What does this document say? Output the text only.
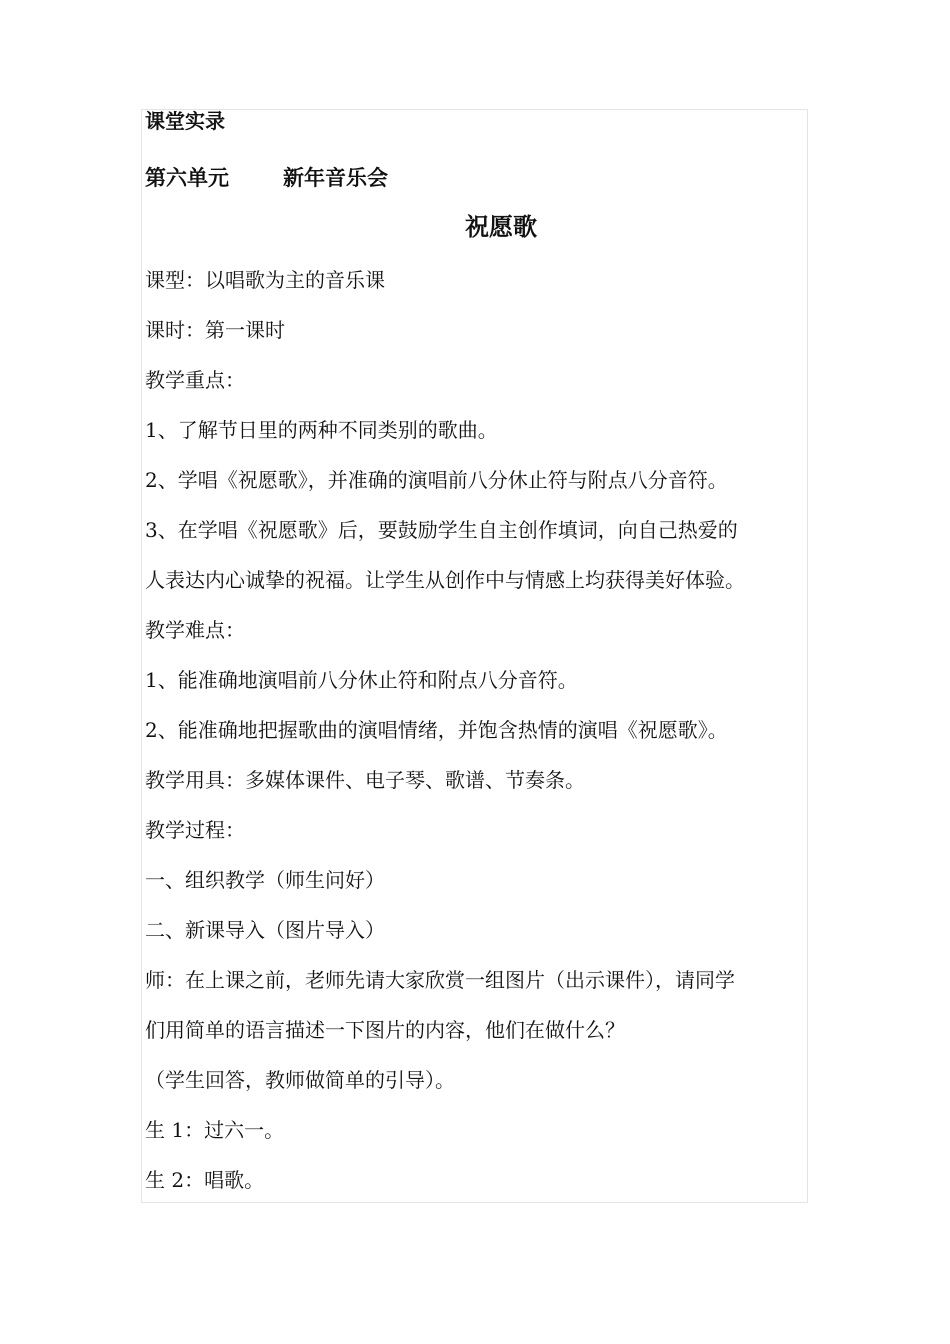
课堂实录
第六单元	新年音乐会
祝愿歌
课型：以唱歌为主的音乐课
课时：第一课时
教学重点：
1、了解节日里的两种不同类别的歌曲。
2、学唱《祝愿歌》，并准确的演唱前八分休止符与附点八分音符。
3、在学唱《祝愿歌》后，要鼓励学生自主创作填词，向自己热爱的
人表达内心诚挚的祝福。让学生从创作中与情感上均获得美好体验。
教学难点：
1、能准确地演唱前八分休止符和附点八分音符。
2、能准确地把握歌曲的演唱情绪，并饱含热情的演唱《祝愿歌》。
教学用具：多媒体课件、电子琴、歌谱、节奏条。
教学过程：
一、组织教学（师生问好）
二、新课导入（图片导入）
师：在上课之前，老师先请大家欣赏一组图片（出示课件），请同学
们用简单的语言描述一下图片的内容，他们在做什么？
（学生回答，教师做简单的引导）。
生 1：过六一。
生 2：唱歌。
